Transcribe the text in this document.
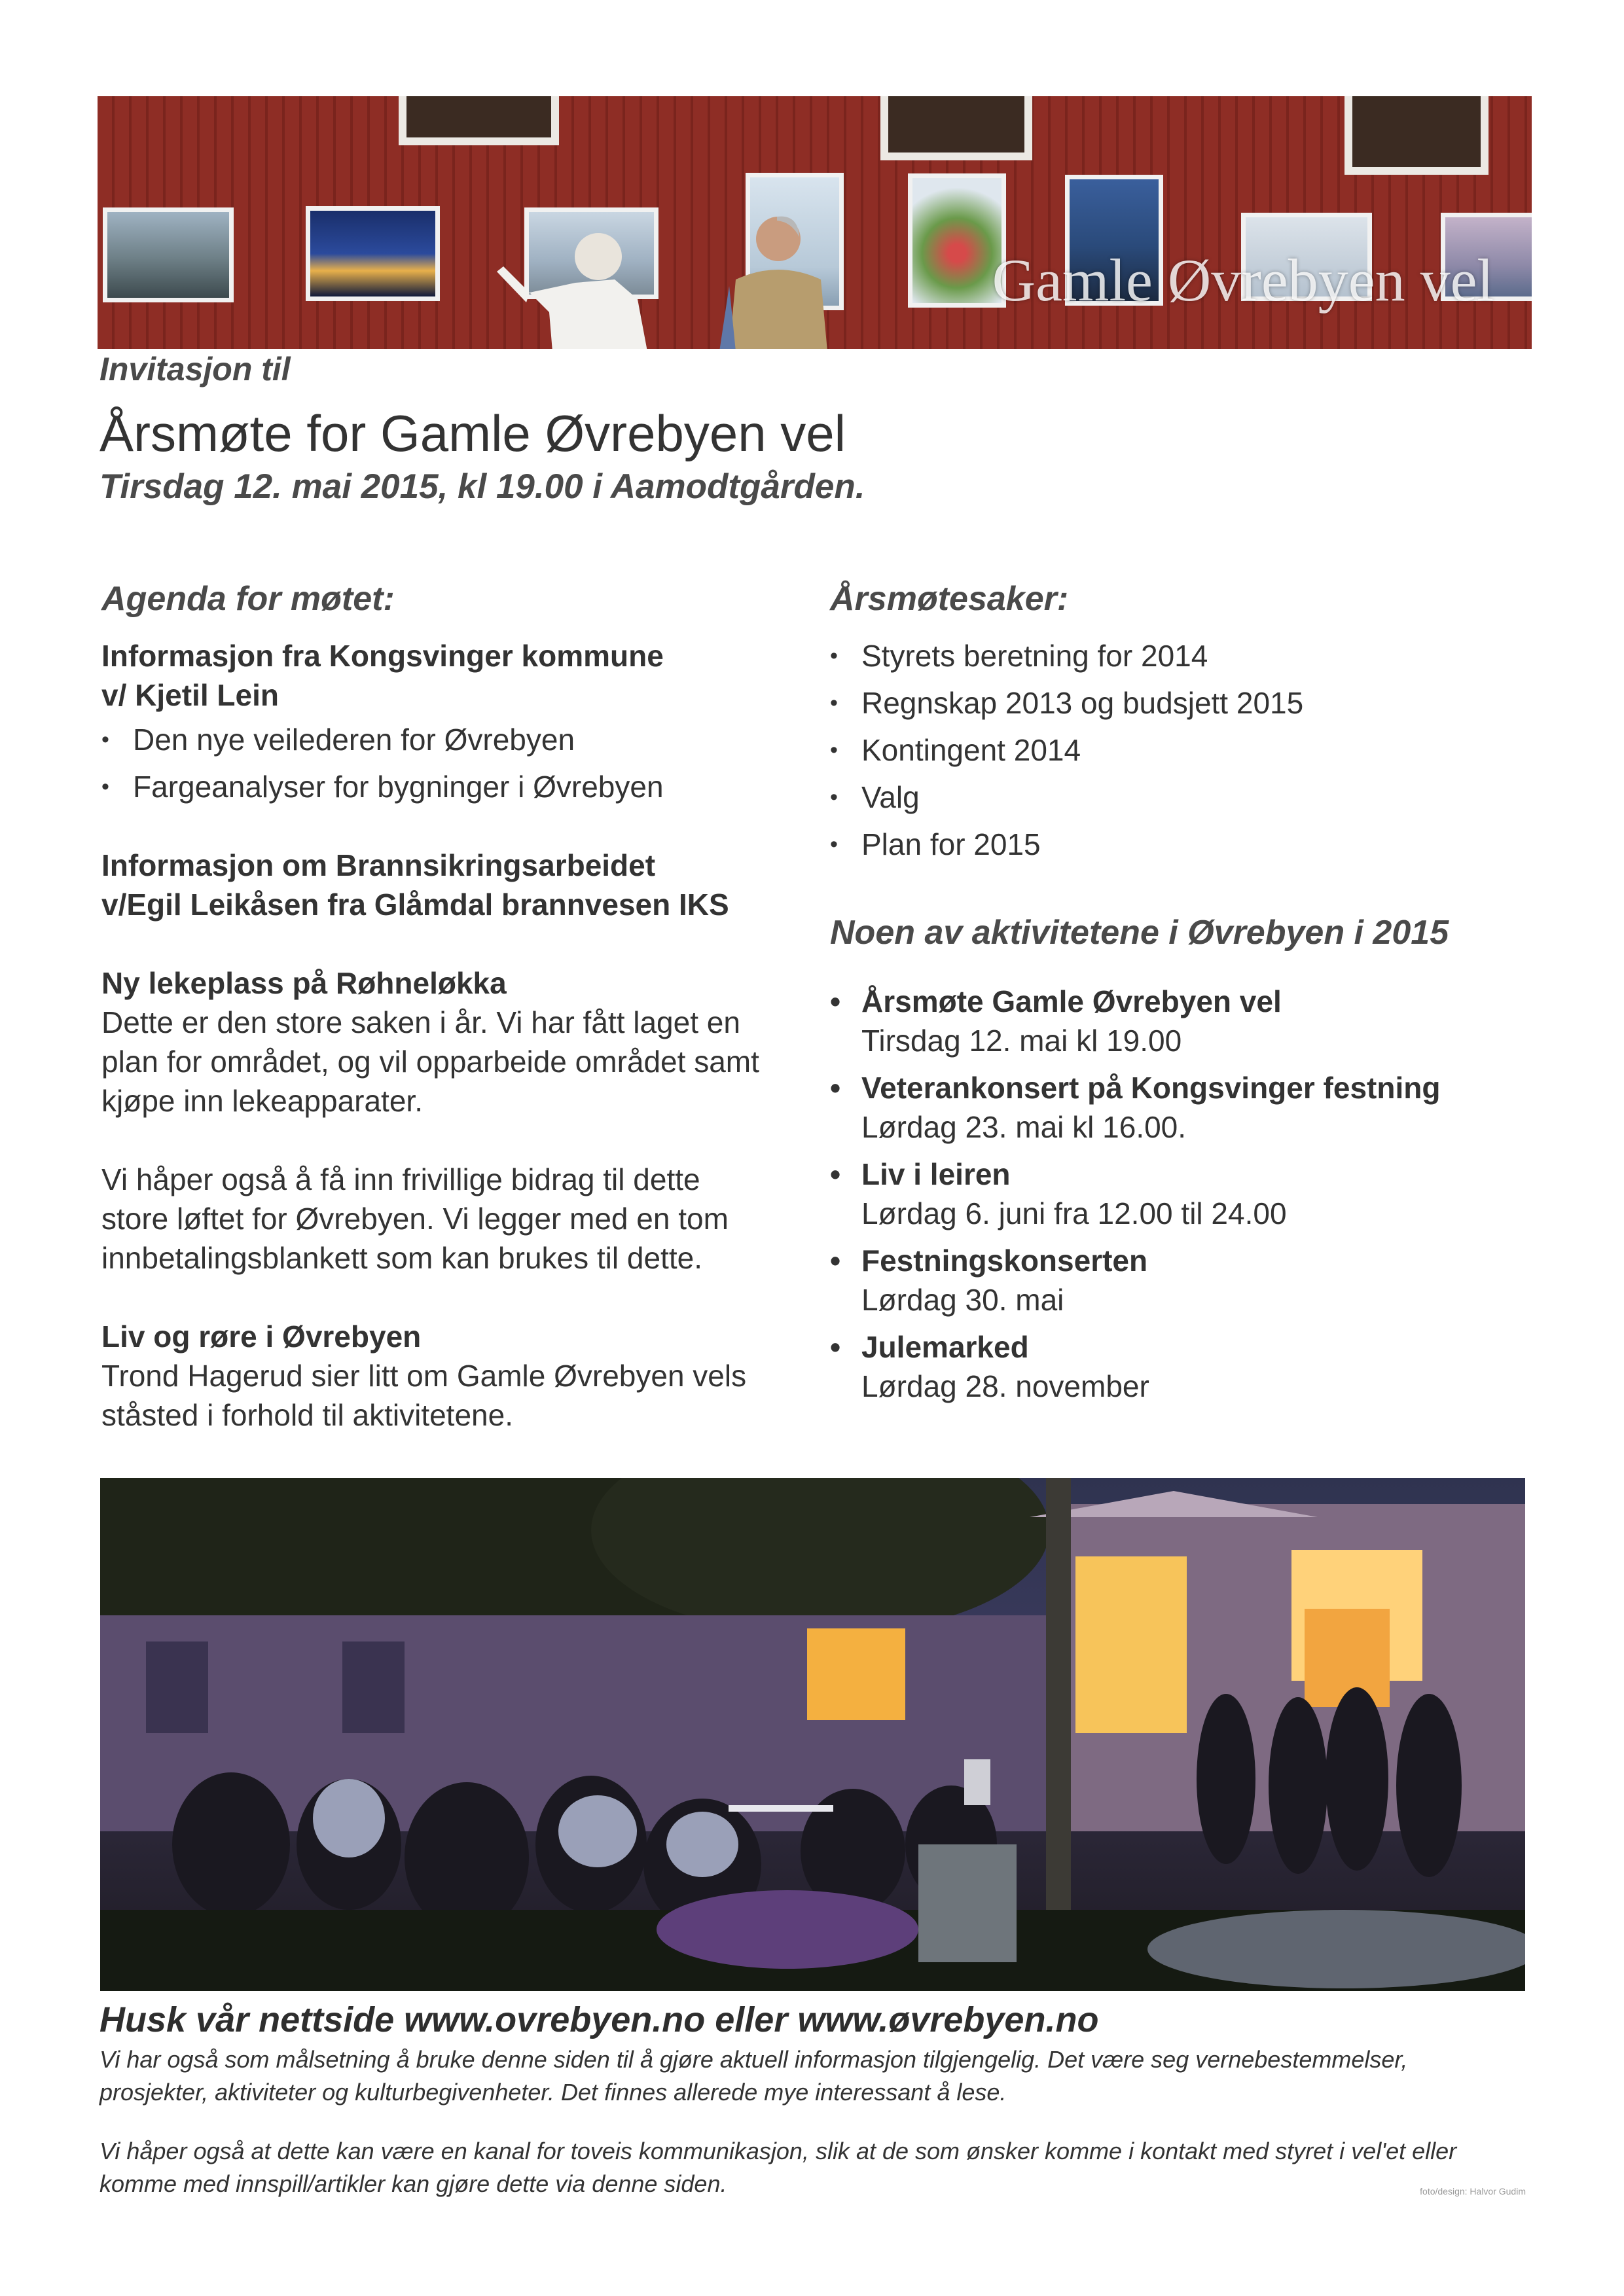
Gamle Øvrebyen vel

Invitasjon til

Årsmøte for Gamle Øvrebyen vel

Tirsdag 12. mai 2015, kl 19.00 i Aamodtgården.

Agenda for møtet:

Informasjon fra Kongsvinger kommune

v/ Kjetil Lein

• Den nye veilederen for Øvrebyen
• Fargeanalyser for bygninger i Øvrebyen

Informasjon om Brannsikringsarbeidet

v/Egil Leikåsen fra Glåmdal brannvesen IKS

Ny lekeplass på Røhneløkka

Dette er den store saken i år. Vi har fått laget en

plan for området, og vil opparbeide området samt

kjøpe inn lekeapparater.

Vi håper også å få inn frivillige bidrag til dette

store løftet for Øvrebyen. Vi legger med en tom

innbetalingsblankett som kan brukes til dette.

Liv og røre i Øvrebyen

Trond Hagerud sier litt om Gamle Øvrebyen vels

ståsted i forhold til aktivitetene.

Årsmøtesaker:
• Styrets beretning for 2014
• Regnskap 2013 og budsjett 2015
• Kontingent 2014
• Valg
• Plan for 2015
Noen av aktivitetene i Øvrebyen i 2015
• Årsmøte Gamle Øvrebyen vel
Tirsdag 12. mai kl 19.00
• Veterankonsert på Kongsvinger festning
Lørdag 23. mai kl 16.00.
• Liv i leiren
Lørdag 6. juni fra 12.00 til 24.00
• Festningskonserten
Lørdag 30. mai
• Julemarked
Lørdag 28. november

Husk vår nettside www.ovrebyen.no eller www.øvrebyen.no

Vi har også som målsetning å bruke denne siden til å gjøre aktuell informasjon tilgjengelig. Det være seg vernebestemmelser,

prosjekter, aktiviteter og kulturbegivenheter. Det finnes allerede mye interessant å lese.

Vi håper også at dette kan være en kanal for toveis kommunikasjon, slik at de som ønsker komme i kontakt med styret i vel'et eller

komme med innspill/artikler kan gjøre dette via denne siden.	foto/design: Halvor Gudim
